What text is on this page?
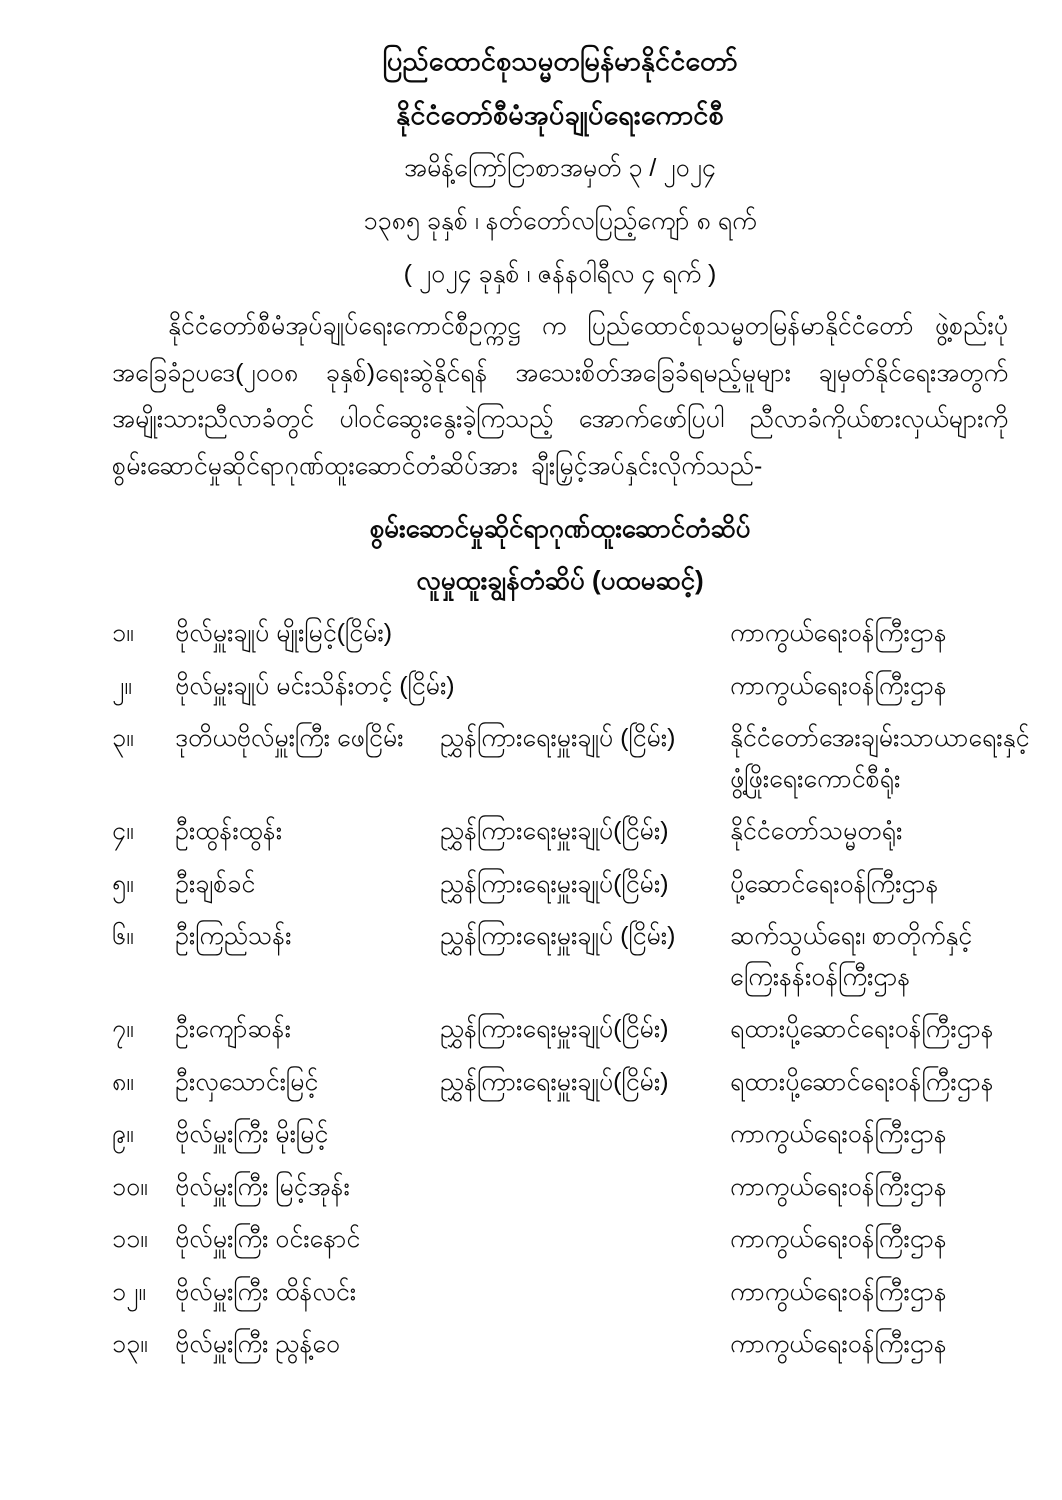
ပြည်ထောင်စုသမ္မတမြန်မာနိုင်ငံတော်
နိုင်ငံတော်စီမံအုပ်ချုပ်ရေးကောင်စီ
အမိန့်ကြော်ငြာစာအမှတ် ၃ / ၂၀၂၄
၁၃၈၅ ခုနှစ် ၊ နတ်တော်လပြည့်ကျော် ၈ ရက်
( ၂၀၂၄ ခုနှစ် ၊ ဇန်နဝါရီလ ၄ ရက် )

နိုင်ငံတော်စီမံအုပ်ချုပ်ရေးကောင်စီဥက္ကဋ္ဌ က ပြည်ထောင်စုသမ္မတမြန်မာနိုင်ငံတော် ဖွဲ့စည်းပုံ အခြေခံဥပဒေ(၂၀၀၈ ခုနှစ်)ရေးဆွဲနိုင်ရန် အသေးစိတ်အခြေခံရမည့်မူများ ချမှတ်နိုင်ရေးအတွက် အမျိုးသားညီလာခံတွင် ပါဝင်ဆွေးနွေးခဲ့ကြသည့် အောက်ဖော်ပြပါ ညီလာခံကိုယ်စားလှယ်များကို စွမ်းဆောင်မှုဆိုင်ရာဂုဏ်ထူးဆောင်တံဆိပ်အား ချီးမြှင့်အပ်နှင်းလိုက်သည်-

စွမ်းဆောင်မှုဆိုင်ရာဂုဏ်ထူးဆောင်တံဆိပ်
လူမှုထူးချွန်တံဆိပ် (ပထမဆင့်)
၁။	ဗိုလ်မှူးချုပ် မျိုးမြင့်(ငြိမ်း)	ကာကွယ်ရေးဝန်ကြီးဌာန
၂။	ဗိုလ်မှူးချုပ် မင်းသိန်းတင့် (ငြိမ်း)	ကာကွယ်ရေးဝန်ကြီးဌာန
၃။	ဒုတိယဗိုလ်မှူးကြီး ဖေငြိမ်း	ညွှန်ကြားရေးမှူးချုပ် (ငြိမ်း)	နိုင်ငံတော်အေးချမ်းသာယာရေးနှင့်
ဖွံ့ဖြိုးရေးကောင်စီရုံး
၄။	ဦးထွန်းထွန်း	ညွှန်ကြားရေးမှူးချုပ်(ငြိမ်း)	နိုင်ငံတော်သမ္မတရုံး
၅။	ဦးချစ်ခင်	ညွှန်ကြားရေးမှူးချုပ်(ငြိမ်း)	ပို့ဆောင်ရေးဝန်ကြီးဌာန
၆။	ဦးကြည်သန်း	ညွှန်ကြားရေးမှူးချုပ် (ငြိမ်း)	ဆက်သွယ်ရေး၊ စာတိုက်နှင့်
ကြေးနန်းဝန်ကြီးဌာန
၇။	ဦးကျော်ဆန်း	ညွှန်ကြားရေးမှူးချုပ်(ငြိမ်း)	ရထားပို့ဆောင်ရေးဝန်ကြီးဌာန
၈။	ဦးလှသောင်းမြင့်	ညွှန်ကြားရေးမှူးချုပ်(ငြိမ်း)	ရထားပို့ဆောင်ရေးဝန်ကြီးဌာန
၉။	ဗိုလ်မှူးကြီး မိုးမြင့်	ကာကွယ်ရေးဝန်ကြီးဌာန
၁၀။	ဗိုလ်မှူးကြီး မြင့်အုန်း	ကာကွယ်ရေးဝန်ကြီးဌာန
၁၁။	ဗိုလ်မှူးကြီး ဝင်းနောင်	ကာကွယ်ရေးဝန်ကြီးဌာန
၁၂။	ဗိုလ်မှူးကြီး ထိန်လင်း	ကာကွယ်ရေးဝန်ကြီးဌာန
၁၃။	ဗိုလ်မှူးကြီး ညွန့်ဝေ	ကာကွယ်ရေးဝန်ကြီးဌာန
